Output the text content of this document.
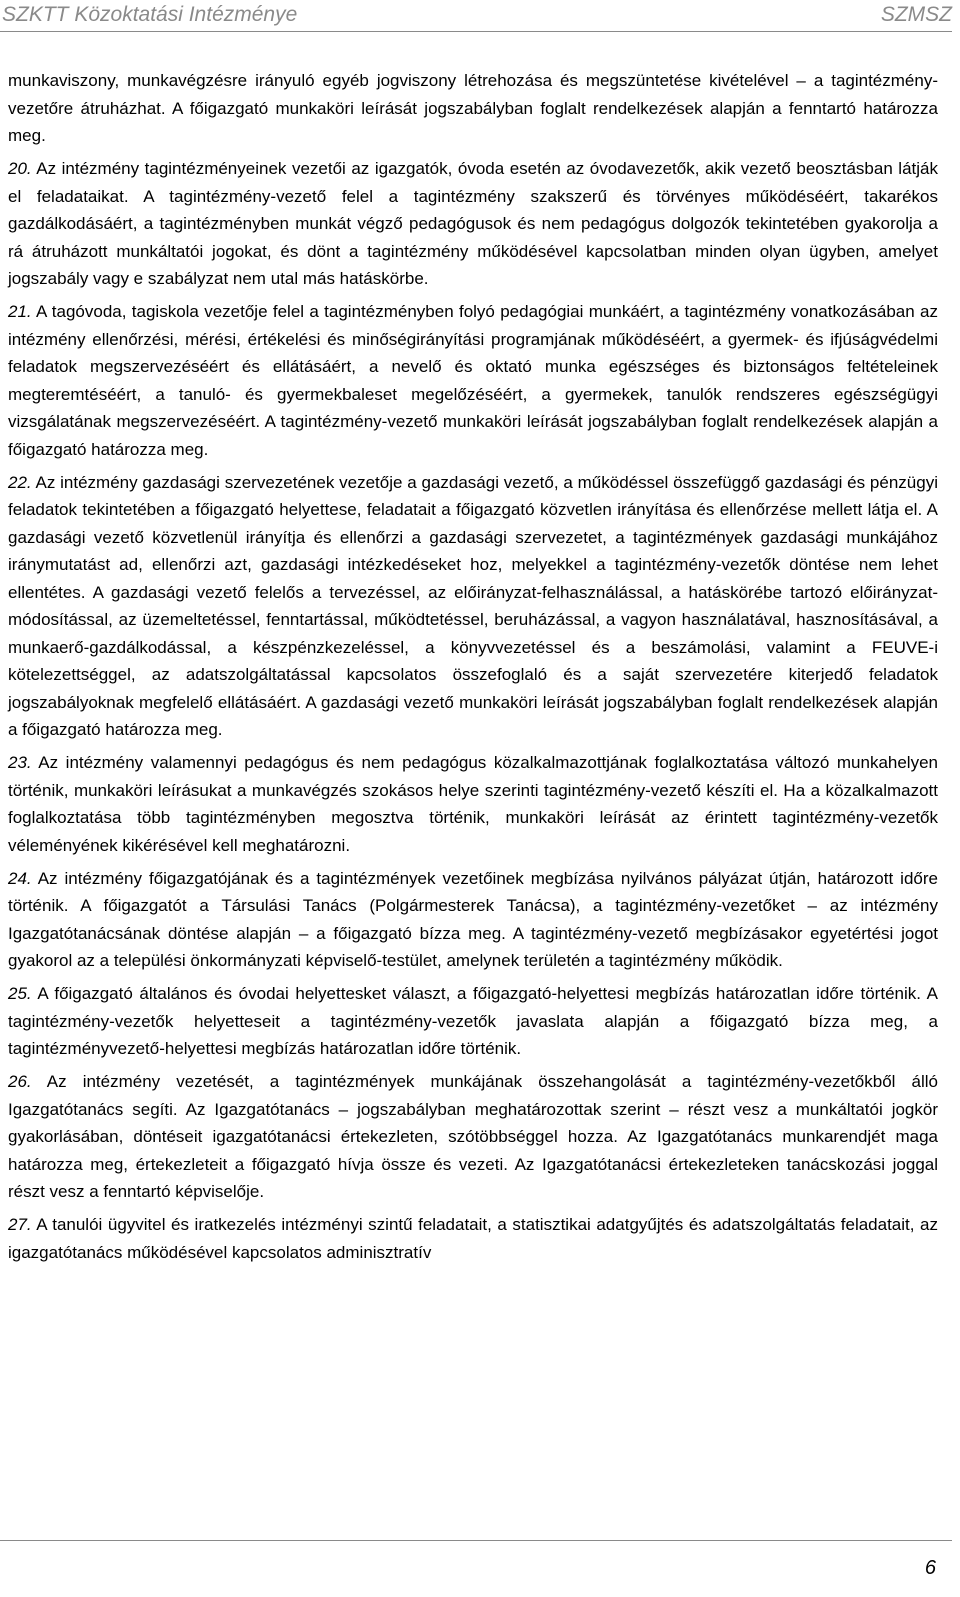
SZKTT Közoktatási Intézménye	SZMSZ

munkaviszony, munkavégzésre irányuló egyéb jogviszony létrehozása és megszüntetése kivételével – a tagintézmény-vezetőre átruházhat. A főigazgató munkaköri leírását jogszabályban foglalt rendelkezések alapján a fenntartó határozza meg.

20. Az intézmény tagintézményeinek vezetői az igazgatók, óvoda esetén az óvodavezetők, akik vezető beosztásban látják el feladataikat. A tagintézmény-vezető felel a tagintézmény szakszerű és törvényes működéséért, takarékos gazdálkodásáért, a tagintézményben munkát végző pedagógusok és nem pedagógus dolgozók tekintetében gyakorolja a rá átruházott munkáltatói jogokat, és dönt a tagintézmény működésével kapcsolatban minden olyan ügyben, amelyet jogszabály vagy e szabályzat nem utal más hatáskörbe.

21. A tagóvoda, tagiskola vezetője felel a tagintézményben folyó pedagógiai munkáért, a tagintézmény vonatkozásában az intézmény ellenőrzési, mérési, értékelési és minőségirányítási programjának működéséért, a gyermek- és ifjúságvédelmi feladatok megszervezéséért és ellátásáért, a nevelő és oktató munka egészséges és biztonságos feltételeinek megteremtéséért, a tanuló- és gyermekbaleset megelőzéséért, a gyermekek, tanulók rendszeres egészségügyi vizsgálatának megszervezéséért. A tagintézmény-vezető munkaköri leírását jogszabályban foglalt rendelkezések alapján a főigazgató határozza meg.

22. Az intézmény gazdasági szervezetének vezetője a gazdasági vezető, a működéssel összefüggő gazdasági és pénzügyi feladatok tekintetében a főigazgató helyettese, feladatait a főigazgató közvetlen irányítása és ellenőrzése mellett látja el. A gazdasági vezető közvetlenül irányítja és ellenőrzi a gazdasági szervezetet, a tagintézmények gazdasági munkájához iránymutatást ad, ellenőrzi azt, gazdasági intézkedéseket hoz, melyekkel a tagintézmény-vezetők döntése nem lehet ellentétes. A gazdasági vezető felelős a tervezéssel, az előirányzat-felhasználással, a hatáskörébe tartozó előirányzat-módosítással, az üzemeltetéssel, fenntartással, működtetéssel, beruházással, a vagyon használatával, hasznosításával, a munkaerő-gazdálkodással, a készpénzkezeléssel, a könyvvezetéssel és a beszámolási, valamint a FEUVE-i kötelezettséggel, az adatszolgáltatással kapcsolatos összefoglaló és a saját szervezetére kiterjedő feladatok jogszabályoknak megfelelő ellátásáért. A gazdasági vezető munkaköri leírását jogszabályban foglalt rendelkezések alapján a főigazgató határozza meg.

23. Az intézmény valamennyi pedagógus és nem pedagógus közalkalmazottjának foglalkoztatása változó munkahelyen történik, munkaköri leírásukat a munkavégzés szokásos helye szerinti tagintézmény-vezető készíti el. Ha a közalkalmazott foglalkoztatása több tagintézményben megosztva történik, munkaköri leírását az érintett tagintézmény-vezetők véleményének kikérésével kell meghatározni.

24. Az intézmény főigazgatójának és a tagintézmények vezetőinek megbízása nyilvános pályázat útján, határozott időre történik. A főigazgatót a Társulási Tanács (Polgármesterek Tanácsa), a tagintézmény-vezetőket – az intézmény Igazgatótanácsának döntése alapján – a főigazgató bízza meg. A tagintézmény-vezető megbízásakor egyetértési jogot gyakorol az a települési önkormányzati képviselő-testület, amelynek területén a tagintézmény működik.

25. A főigazgató általános és óvodai helyettesket választ, a főigazgató-helyettesi megbízás határozatlan időre történik. A tagintézmény-vezetők helyetteseit a tagintézmény-vezetők javaslata alapján a főigazgató bízza meg, a tagintézményvezető-helyettesi megbízás határozatlan időre történik.

26. Az intézmény vezetését, a tagintézmények munkájának összehangolását a tagintézmény-vezetőkből álló Igazgatótanács segíti. Az Igazgatótanács – jogszabályban meghatározottak szerint – részt vesz a munkáltatói jogkör gyakorlásában, döntéseit igazgatótanácsi értekezleten, szótöbbséggel hozza. Az Igazgatótanács munkarendjét maga határozza meg, értekezleteit a főigazgató hívja össze és vezeti. Az Igazgatótanácsi értekezleteken tanácskozási joggal részt vesz a fenntartó képviselője.

27. A tanulói ügyvitel és iratkezelés intézményi szintű feladatait, a statisztikai adatgyűjtés és adatszolgáltatás feladatait, az igazgatótanács működésével kapcsolatos adminisztratív

6
